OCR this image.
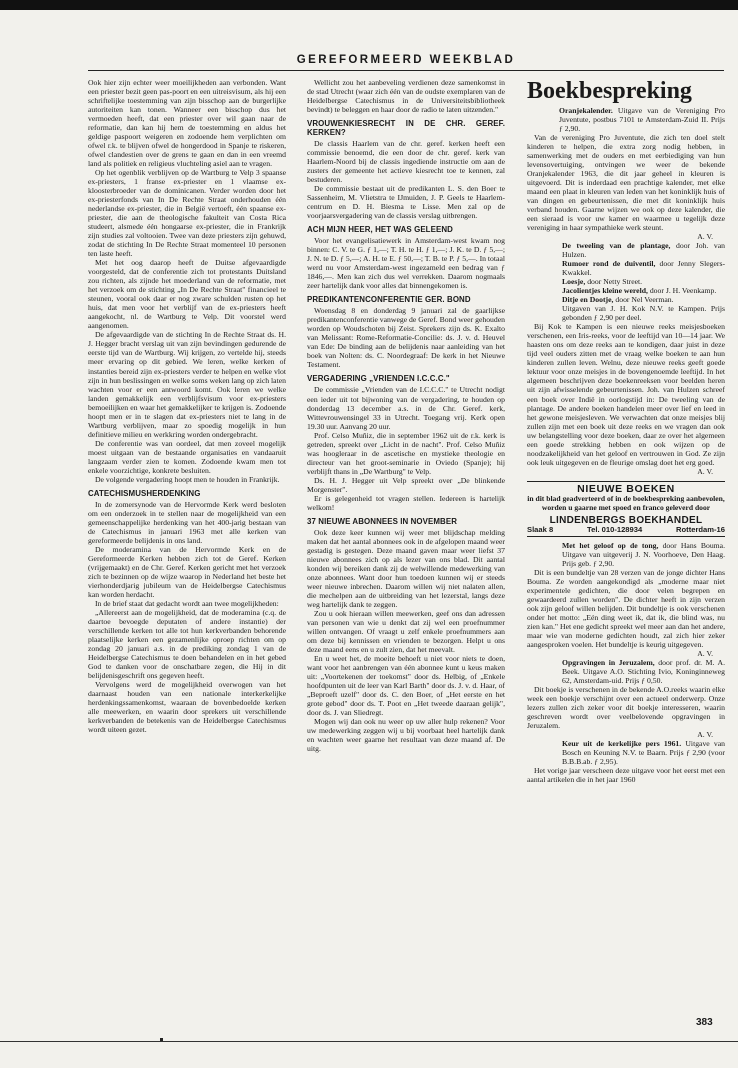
GEREFORMEERD WEEKBLAD

Ook hier zijn echter weer moeilijkheden aan verbonden. Want een priester bezit geen pas-poort en een uitreisvisum, als hij een schriftelijke toestemming van zijn bisschop aan de burgerlijke autoriteiten kan tonen. Wanneer een bisschop dus het vermoeden heeft, dat een priester over wil gaan naar de reformatie, dan kan hij hem de toestemming en aldus het geldige paspoort weigeren en zodoende hem verplichten om ofwel r.k. te blijven ofwel de hongerdood in Spanje te riskeren, ofwel clandestien over de grens te gaan en dan in een vreemd land als politiek en religieus vluchteling asiel aan te vragen.

Op het ogenblik verblijven op de Wartburg te Velp 3 spaanse ex-priesters, 1 franse ex-priester en 1 vlaamse ex-kloosterbroeder van de dominicanen. Verder worden door het ex-priesterfonds van In De Rechte Straat onderhouden één nederlandse ex-priester, die in België vertoeft, één spaanse ex-priester, die aan de theologische fakulteit van Costa Rica studeert, alsmede één hongaarse ex-priester, die in Frankrijk zijn studies zal voltooien. Twee van deze priesters zijn gehuwd, zodat de stichting In De Rechte Straat momenteel 10 personen ten laste heeft.

Met het oog daarop heeft de Duitse afgevaardigde voorgesteld, dat de conferentie zich tot protestants Duitsland zou richten, als zijnde het moederland van de reformatie, met het verzoek om de stichting „In De Rechte Straat" financieel te steunen, vooral ook daar er nog zware schulden rusten op het huis, dat men voor het verblijf van de ex-priesters heeft aangekocht, nl. de Wartburg te Velp. Dit voorstel werd aangenomen.

De afgevaardigde van de stichting In de Rechte Straat ds. H. J. Hegger bracht verslag uit van zijn bevindingen gedurende de eerste tijd van de Wartburg. Wij krijgen, zo vertelde hij, steeds meer ervaring op dit gebied. We leren, welke kerken of instanties bereid zijn ex-priesters verder te helpen en welke vlot zijn in hun beslissingen en welke soms weken lang op zich laten wachten voor er een antwoord komt. Ook leren we welke landen gemakkelijk een verblijfsvisum voor ex-priesters bemoeilijken en waar het gemakkelijker te krijgen is. Zodoende hoopt men er in te slagen dat ex-priesters niet te lang in de Wartburg verblijven, maar zo spoedig mogelijk in hun definitieve milieu en werkkring worden ondergebracht.

De conferentie was van oordeel, dat men zoveel mogelijk moest uitgaan van de bestaande organisaties en vandaaruit langzaam verder zien te komen. Zodoende kwam men tot enkele voorzichtige, konkrete besluiten.

De volgende vergadering hoopt men te houden in Frankrijk.

CATECHISMUSHERDENKING

In de zomersynode van de Hervormde Kerk werd besloten om een onderzoek in te stellen naar de mogelijkheid van een gemeenschappelijke herdenking van het 400-jarig bestaan van de Catechismus in januari 1963 met alle kerken van gereformeerde belijdenis in ons land.

De moderamina van de Hervormde Kerk en de Gereformeerde Kerken hebben zich tot de Geref. Kerken (vrijgemaakt) en de Chr. Geref. Kerken gericht met het verzoek zich te bezinnen op de wijze waarop in Nederland het beste het vierhonderdjarig jubileum van de Heidelbergse Catechismus kan worden herdacht.

In de brief staat dat gedacht wordt aan twee mogelijkheden:

„Allereerst aan de mogelijkheid, dat de moderamina (c.q. de daartoe bevoegde deputaten of andere instantie) der verschillende kerken tot alle tot hun kerkverbanden behorende plaatselijke kerken een gezamenlijke oproep richten om op zondag 20 januari a.s. in de prediking zondag 1 van de Heidelbergse Catechismus te doen behandelen en in het gebed God te danken voor de onschatbare zegen, die Hij in dit belijdenisgeschrift ons gegeven heeft.

Vervolgens werd de mogelijkheid overwogen van het daarnaast houden van een nationale interkerkelijke herdenkingssamenkomst, waaraan de bovenbedoelde kerken alle meewerken, en waarin door sprekers uit verschillende kerkverbanden de betekenis van de Heidelbergse Catechismus wordt uiteen gezet.

Wellicht zou het aanbeveling verdienen deze samenkomst in de stad Utrecht (waar zich één van de oudste exemplaren van de Heidelbergse Catechismus in de Universiteitsbibliotheek bevindt) te beleggen en haar door de radio te laten uitzenden."

VROUWENKIESRECHT IN DE CHR. GEREF. KERKEN?

De classis Haarlem van de chr. geref. kerken heeft een commissie benoemd, die een door de chr. geref. kerk van Haarlem-Noord bij de classis ingediende instructie om aan de zusters der gemeente het actieve kiesrecht toe te kennen, zal bestuderen.

De commissie bestaat uit de predikanten L. S. den Boer te Sassenheim, M. Vlietstra te IJmuiden, J. P. Geels te Haarlem-centrum en D. H. Biesma te Lisse. Men zal op de voorjaarsvergadering van de classis verslag uitbrengen.

ACH MIJN HEER, HET WAS GELEEND

Voor het evangelisatiewerk in Amsterdam-west kwam nog binnen: C. V. te G. ƒ 1,—; T. H. te H. ƒ 1,—; J. K. te D. ƒ 5,—; J. N. te D. ƒ 5,—; A. H. te E. ƒ 50,—; T. B. te P. ƒ 5,—. In totaal werd nu voor Amsterdam-west ingezameld een bedrag van ƒ 1846,—. Men kan zich dus wel verrekken. Daarom nogmaals zeer hartelijk dank voor alles dat binnengekomen is.

PREDIKANTENCONFERENTIE GER. BOND

Woensdag 8 en donderdag 9 januari zal de gaarlijkse predikantenconferentie vanwege de Geref. Bond weer gehouden worden op Woudschoten bij Zeist. Sprekers zijn ds. K. Exalto van Melissant: Rome-Reformatie-Concilie: ds. J. v. d. Heuvel van Ede: De binding aan de belijdenis naar aanleiding van het boek van Nolten: ds. C. Noordegraaf: De kerk in het Nieuwe Testament.

VERGADERING „VRIENDEN I.C.C.C."

De commissie „Vrienden van de I.C.C.C." te Utrecht nodigt een ieder uit tot bijwoning van de vergadering, te houden op donderdag 13 december a.s. in de Chr. Geref. kerk, Wittevrouwensingel 33 in Utrecht. Toegang vrij. Kerk open 19.30 uur. Aanvang 20 uur.

Prof. Celso Muñiz, die in september 1962 uit de r.k. kerk is getreden, spreekt over „Licht in de nacht". Prof. Celso Muñiz was hoogleraar in de ascetische en mystieke theologie en directeur van het groot-seminarie in Oviedo (Spanje); hij verblijft thans in „De Wartburg" te Velp.

Ds. H. J. Hegger uit Velp spreekt over „De blinkende Morgenster".

Er is gelegenheid tot vragen stellen. Iedereen is hartelijk welkom!

37 NIEUWE ABONNEES IN NOVEMBER

Ook deze keer kunnen wij weer met blijdschap melding maken dat het aantal abonnees ook in de afgelopen maand weer gestadig is gestegen. Deze maand gaven maar weer liefst 37 nieuwe abonnees zich op als lezer van ons blad. Dit aantal konden wij bereiken dank zij de welwillende medewerking van onze abonnees. Want door hun toedoen kunnen wij er steeds weer nieuwe inbrechen. Daarom willen wij niet nalaten allen, die mechelpen aan de uitbreiding van het lezerstal, langs deze weg hartelijk dank te zeggen.

Zou u ook hieraan willen meewerken, geef ons dan adressen van personen van wie u denkt dat zij wel een proefnummer willen ontvangen. Of vraagt u zelf enkele proefnummers aan om deze bij kennissen en vrienden te bezorgen. Helpt u ons deze maand eens en u zult zien, dat het meevalt.

En u weet het, de moeite behoeft u niet voor niets te doen, want voor het aanbrengen van één abonnee kunt u keus maken uit: „Voortekenen der toekomst" door ds. Helbig, of „Enkele hoofdpunten uit de leer van Karl Barth" door ds. J. v. d. Haar, of „Beproeft uzelf" door ds. C. den Boer, of „Het eerste en het grote gebod" door ds. T. Poot en „Het tweede daaraan gelijk", door ds. J. van Sliedregt.

Mogen wij dan ook nu weer op uw aller hulp rekenen? Voor uw medewerking zeggen wij u bij voorbaat heel hartelijk dank en wachten weer gaarne het resultaat van deze maand af. De uitg.

Boekbespreking

Oranjekalender. Uitgave van de Vereniging Pro Juventute, postbus 7101 te Amsterdam-Zuid II. Prijs ƒ 2,90.

Van de vereniging Pro Juventute, die zich ten doel stelt kinderen te helpen, die extra zorg nodig hebben, in samenwerking met de ouders en met eerbiediging van hun levensovertuiging, ontvingen we weer de bekende Oranjekalender 1963, die dit jaar geheel in kleuren is uitgevoerd. Dit is inderdaad een prachtige kalender, met elke maand een plaat in kleuren van leden van het koninklijk huis of van dingen en gebeurtenissen, die met dit koninklijk huis verband houden. Gaarne wijzen we ook op deze kalender, die een sieraad is voor uw kamer en waarmee u tegelijk deze vereniging in haar sympathieke werk steunt.

A. V.

De tweeling van de plantage, door Joh. van Hulzen.

Rumoer rond de duiventil, door Jenny Slegers-Kwakkel.

Loesje, door Netty Street.

Jacolientjes kleine wereld, door J. H. Veenkamp.

Ditje en Dootje, door Nel Veerman.

Uitgaven van J. H. Kok N.V. te Kampen. Prijs gebonden ƒ 2,90 per deel.

Bij Kok te Kampen is een nieuwe reeks meisjesboeken verschenen, een Iris-reeks, voor de leeftijd van 10—14 jaar. We haasten ons om deze reeks aan te kondigen, daar juist in deze tijd veel ouders zitten met de vraag welke boeken te aan hun kinderen zullen leven. Welnu, deze nieuwe reeks geeft goede lektuur voor onze meisjes in de bovengenoemde leeftijd. In het algemeen beschrijven deze boekenreeksen voor beelden heren uit zijn afwisselende gebeurtenissen. Joh. van Hulzen schreef een boek over Indië in oorlogstijd in: De tweeling van de plantage. De andere boeken handelen meer over lief en leed in het gewone meisjesleven. We verwachten dat onze meisjes blij zullen zijn met een boek uit deze reeks en we vragen dan ook uw belangstelling voor deze boeken, daar ze over het algemeen een goede strekking hebben en ook wijzen op de noodzakelijkheid van het geloof en vertrouwen in God. Ze zijn ook leuk uitgegeven en de fleurige omslag doet het erg goed.

A. V.

NIEUWE BOEKEN

in dit blad geadverteerd of in de boekbespreking aanbevolen, worden u gaarne met spoed en franco geleverd door

LINDENBERGS BOEKHANDEL
Slaak 8	Tel. 010-128934	Rotterdam-16

Met het geloof op de tong, door Hans Bouma. Uitgave van uitgeverij J. N. Voorhoeve, Den Haag. Prijs geb. ƒ 2,90.

Dit is een bundeltje van 28 verzen van de jonge dichter Hans Bouma. Ze worden aangekondigd als „moderne maar niet experimentele gedichten, die door velen begrepen en gewaardeerd zullen worden". De dichter heeft in zijn verzen ook zijn geloof willen belijden. Dit bundeltje is ook verschenen onder het motto: „Eén ding weet ik, dat ik, die blind was, nu zien kan." Het ene gedicht spreekt wel meer aan dan het andere, maar wie van moderne gedichten houdt, zal zich hier zeker aangesproken voelen. Het bundeltje is keurig uitgegeven.

A. V.

Opgravingen in Jeruzalem, door prof. dr. M. A. Beek. Uitgave A.O. Stichting Ivio, Koninginneweg 62, Amsterdam-uid. Prijs ƒ 0,50.

Dit boekje is verschenen in de bekende A.O.reeks waarin elke week een boekje verschijnt over een actueel onderwerp. Onze lezers zullen zich zeker voor dit boekje interesseren, waarin geschreven wordt over veelbelovende opgravingen in Jeruzalem.

A. V.

Keur uit de kerkelijke pers 1961. Uitgave van Bosch en Keuning N.V. te Baarn. Prijs ƒ 2,90 (voor B.B.B.ab. ƒ 2,95).

Het vorige jaar verscheen deze uitgave voor het eerst met een aantal artikelen die in het jaar 1960

383
